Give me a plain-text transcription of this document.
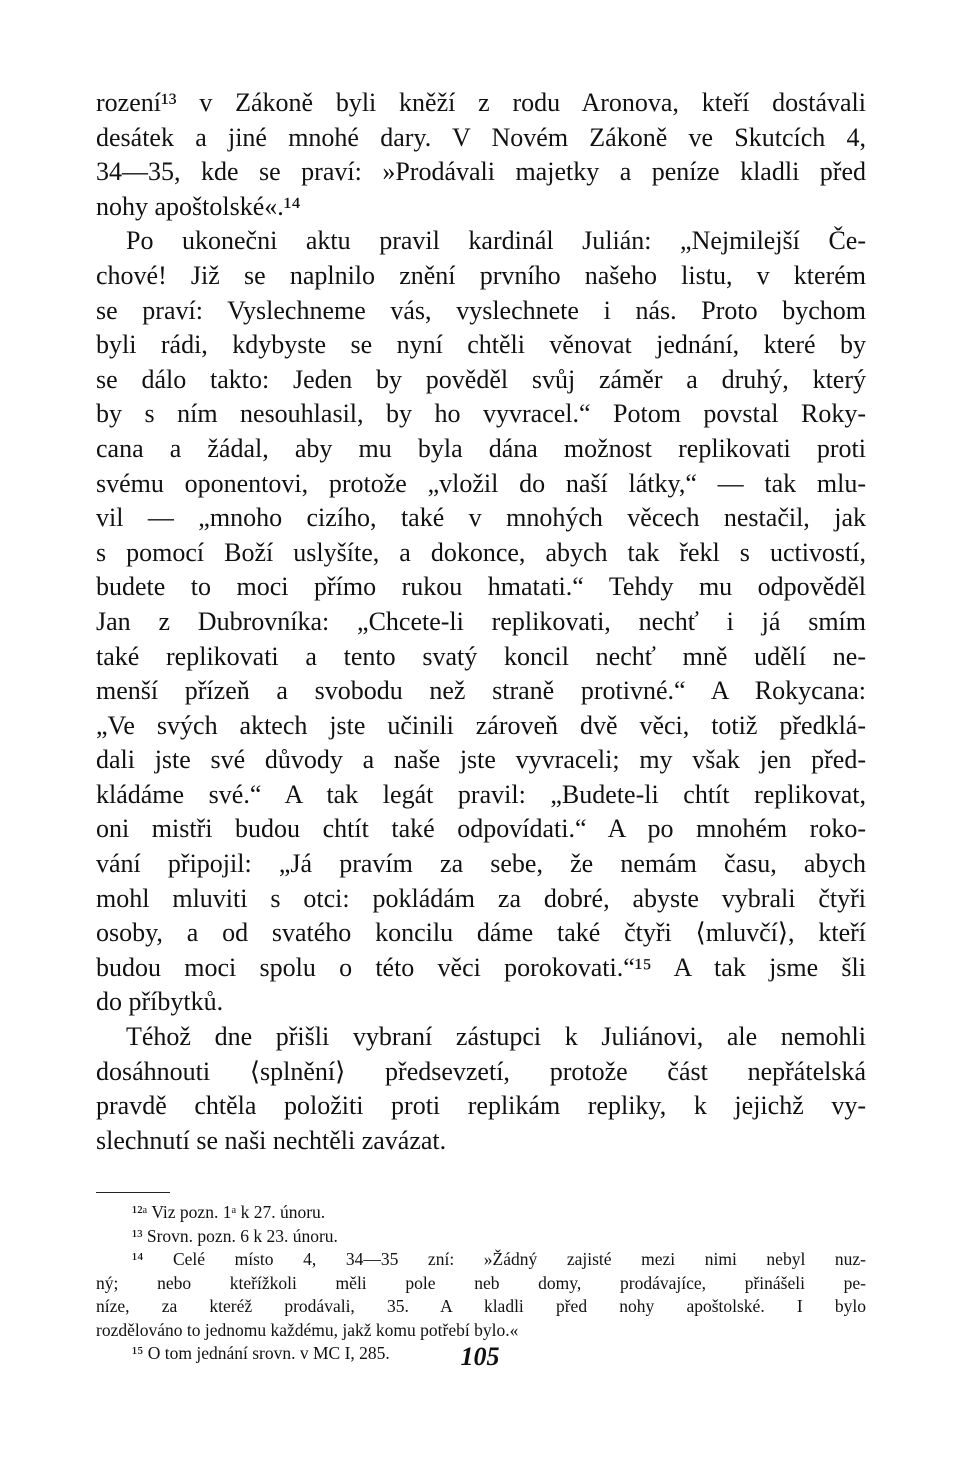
rození¹³ v Zákoně byli kněží z rodu Aronova, kteří dostávali
desátek a jiné mnohé dary. V Novém Zákoně ve Skutcích 4,
34—35, kde se praví: »Prodávali majetky a peníze kladli před
nohy apoštolské«.¹⁴
Po ukonečni aktu pravil kardinál Julián: „Nejmilejší Če-
chové! Již se naplnilo znění prvního našeho listu, v kterém
se praví: Vyslechneme vás, vyslechnete i nás. Proto bychom
byli rádi, kdybyste se nyní chtěli věnovat jednání, které by
se dálo takto: Jeden by pověděl svůj záměr a druhý, který
by s ním nesouhlasil, by ho vyvracel.“ Potom povstal Roky-
cana a žádal, aby mu byla dána možnost replikovati proti
svému oponentovi, protože „vložil do naší látky,“ — tak mlu-
vil — „mnoho cizího, také v mnohých věcech nestačil, jak
s pomocí Boží uslyšíte, a dokonce, abych tak řekl s uctivostí,
budete to moci přímo rukou hmatati.“ Tehdy mu odpověděl
Jan z Dubrovníka: „Chcete-li replikovati, nechť i já smím
také replikovati a tento svatý koncil nechť mně udělí ne-
menší přízeň a svobodu než straně protivné.“ A Rokycana:
„Ve svých aktech jste učinili zároveň dvě věci, totiž předklá-
dali jste své důvody a naše jste vyvraceli; my však jen před-
kládáme své.“ A tak legát pravil: „Budete-li chtít replikovat,
oni mistři budou chtít také odpovídati.“ A po mnohém roko-
vání připojil: „Já pravím za sebe, že nemám času, abych
mohl mluviti s otci: pokládám za dobré, abyste vybrali čtyři
osoby, a od svatého koncilu dáme také čtyři ⟨mluvčí⟩, kteří
budou moci spolu o této věci porokovati.“¹⁵ A tak jsme šli
do příbytků.
Téhož dne přišli vybraní zástupci k Juliánovi, ale nemohli
dosáhnouti ⟨splnění⟩ předsevzetí, protože část nepřátelská
pravdě chtěla položiti proti replikám repliky, k jejichž vy-
slechnutí se naši nechtěli zavázat.
¹²ᵃ Viz pozn. 1ᵃ k 27. únoru.
¹³ Srovn. pozn. 6 k 23. únoru.
¹⁴ Celé místo 4, 34—35 zní: »Žádný zajisté mezi nimi nebyl nuz-
ný; nebo kteřížkoli měli pole neb domy, prodávajíce, přinášeli pe-
níze, za kteréž prodávali, 35. A kladli před nohy apoštolské. I bylo
rozdělováno to jednomu každému, jakž komu potřebí bylo.«
¹⁵ O tom jednání srovn. v MC I, 285.	105
